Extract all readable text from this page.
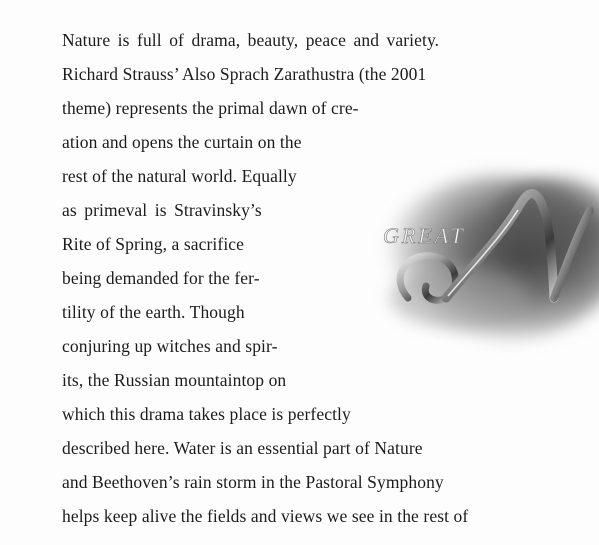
GREAT
Nature is full of drama, beauty, peace and variety.
Richard Strauss’ Also Sprach Zarathustra (the 2001
theme) represents the primal dawn of cre-
ation and opens the curtain on the
rest of the natural world. Equally
as primeval is Stravinsky’s
Rite of Spring, a sacrifice
being demanded for the fer-
tility of the earth. Though
conjuring up witches and spir-
its, the Russian mountaintop on
which this drama takes place is perfectly
described here. Water is an essential part of Nature
and Beethoven’s rain storm in the Pastoral Symphony
helps keep alive the fields and views we see in the rest of
